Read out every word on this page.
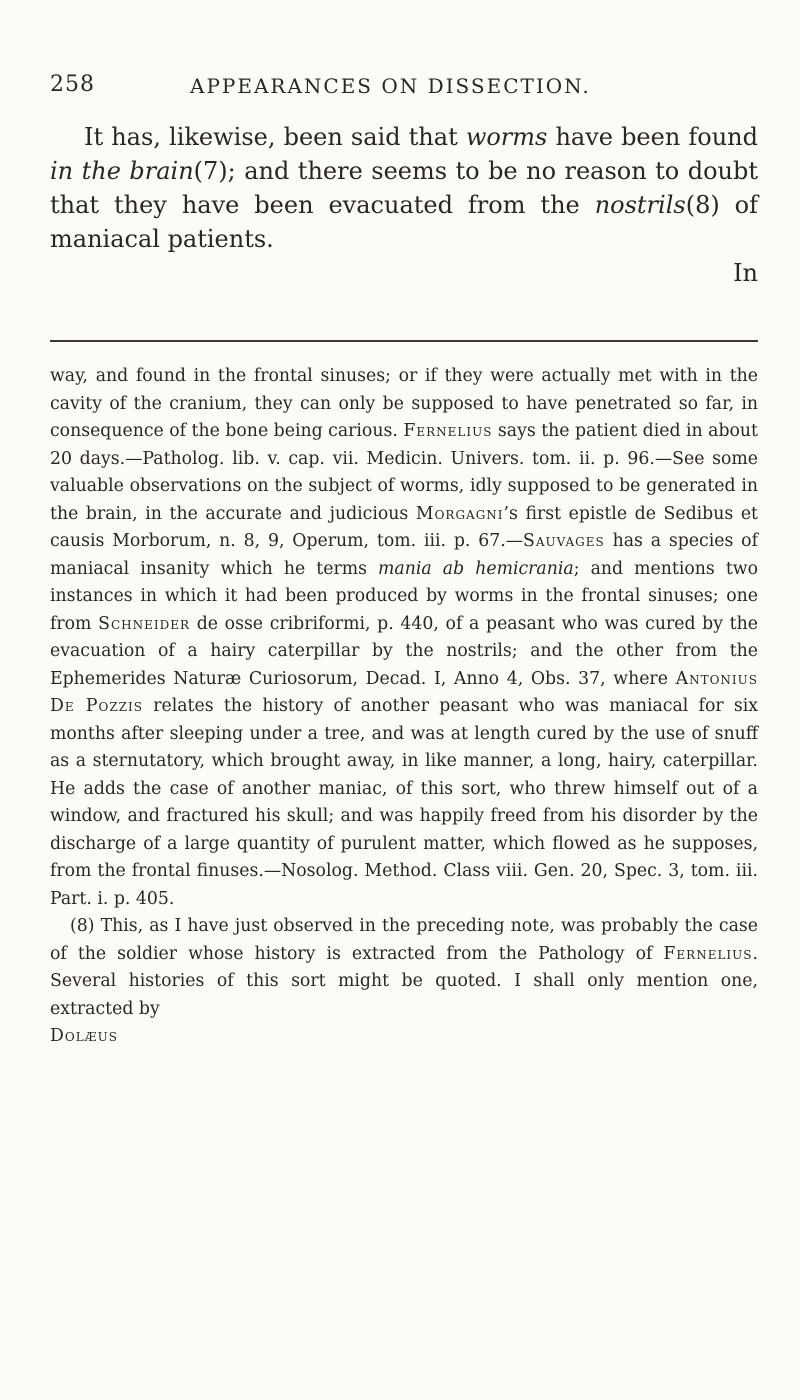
258	APPEARANCES ON DISSECTION.

It has, likewise, been said that worms have been found in the brain(7); and there seems to be no reason to doubt that they have been evacuated from the nostrils(8) of maniacal patients.

In

way, and found in the frontal sinuses; or if they were actually met with in the cavity of the cranium, they can only be supposed to have penetrated so far, in consequence of the bone being carious. Fernelius says the patient died in about 20 days.—Patholog. lib. v. cap. vii. Medicin. Univers. tom. ii. p. 96.—See some valuable observations on the subject of worms, idly supposed to be generated in the brain, in the accurate and judicious Morgagni’s first epistle de Sedibus et causis Morborum, n. 8, 9, Operum, tom. iii. p. 67.—Sauvages has a species of maniacal insanity which he terms mania ab hemicrania; and mentions two instances in which it had been produced by worms in the frontal sinuses; one from Schneider de osse cribriformi, p. 440, of a peasant who was cured by the evacuation of a hairy caterpillar by the nostrils; and the other from the Ephemerides Naturæ Curiosorum, Decad. I, Anno 4, Obs. 37, where Antonius De Pozzis relates the history of another peasant who was maniacal for six months after sleeping under a tree, and was at length cured by the use of snuff as a sternutatory, which brought away, in like manner, a long, hairy, caterpillar. He adds the case of another maniac, of this sort, who threw himself out of a window, and fractured his skull; and was happily freed from his disorder by the discharge of a large quantity of purulent matter, which flowed as he supposes, from the frontal finuses.—Nosolog. Method. Class viii. Gen. 20, Spec. 3, tom. iii. Part. i. p. 405.

(8) This, as I have just observed in the preceding note, was probably the case of the soldier whose history is extracted from the Pathology of Fernelius. Several histories of this sort might be quoted. I shall only mention one, extracted by

Dolæus
